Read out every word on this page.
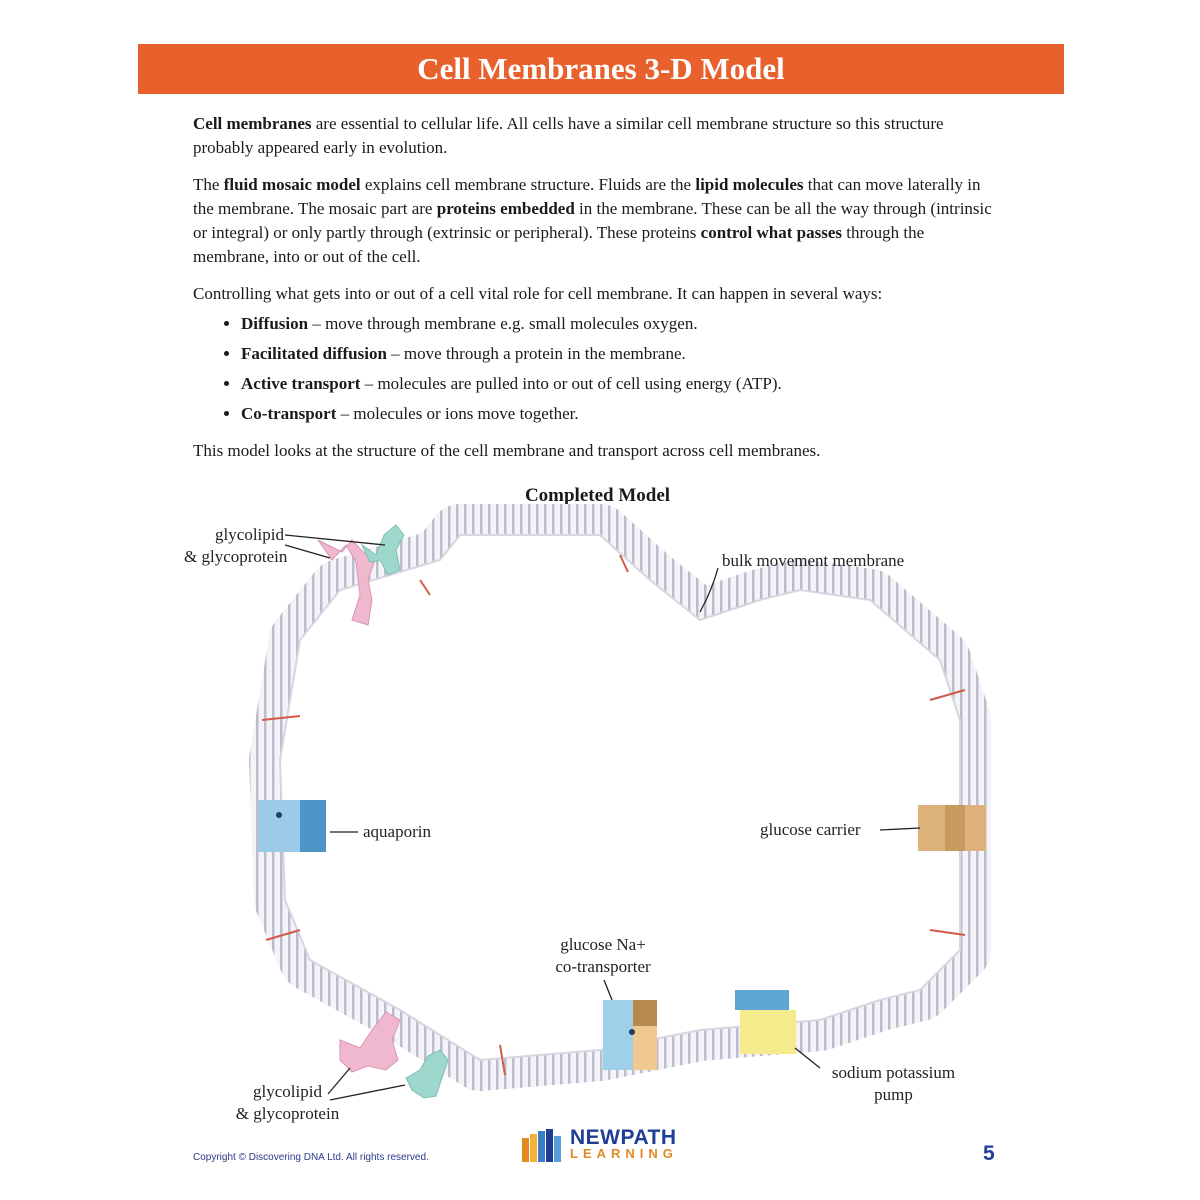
Cell Membranes 3-D Model

Cell membranes are essential to cellular life. All cells have a similar cell membrane structure so this structure probably appeared early in evolution.

The fluid mosaic model explains cell membrane structure. Fluids are the lipid molecules that can move laterally in the membrane. The mosaic part are proteins embedded in the membrane. These can be all the way through (intrinsic or integral) or only partly through (extrinsic or peripheral). These proteins control what passes through the membrane, into or out of the cell.

Controlling what gets into or out of a cell vital role for cell membrane. It can happen in several ways:

• Diffusion – move through membrane e.g. small molecules oxygen.
• Facilitated diffusion – move through a protein in the membrane.
• Active transport – molecules are pulled into or out of cell using energy (ATP).
• Co-transport – molecules or ions move together.

This model looks at the structure of the cell membrane and transport across cell membranes.

Completed Model
glycolipid
& glycoprotein	bulk movement membrane
aquaporin	glucose carrier
glucose Na+
co-transporter
sodium potassium
pump
glycolipid
& glycoprotein
Copyright © Discovering DNA Ltd. All rights reserved.
NEWPATH
LEARNING	5
